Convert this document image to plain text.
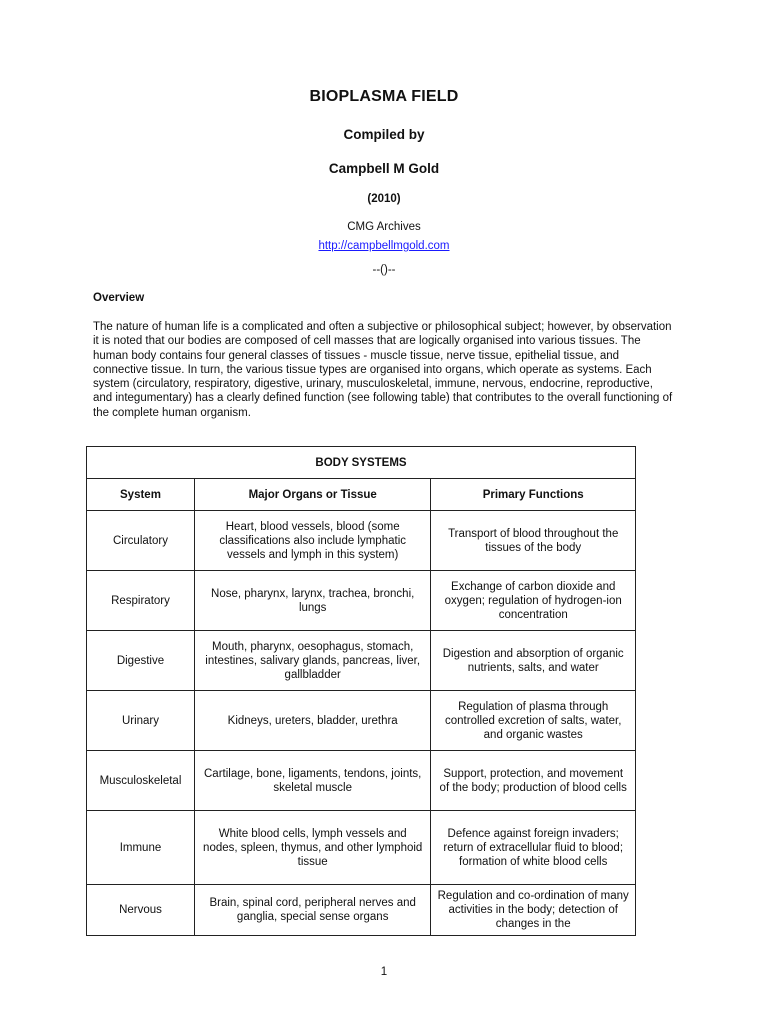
BIOPLASMA FIELD
Compiled by
Campbell M Gold
(2010)
CMG Archives
http://campbellmgold.com
--()--
Overview
The nature of human life is a complicated and often a subjective or philosophical subject; however, by observation it is noted that our bodies are composed of cell masses that are logically organised into various tissues. The human body contains four general classes of tissues - muscle tissue, nerve tissue, epithelial tissue, and connective tissue. In turn, the various tissue types are organised into organs, which operate as systems. Each system (circulatory, respiratory, digestive, urinary, musculoskeletal, immune, nervous, endocrine, reproductive, and integumentary) has a clearly defined function (see following table) that contributes to the overall functioning of the complete human organism.
BODY SYSTEMS		
System	Major Organs or Tissue	Primary Functions
Circulatory	Heart, blood vessels, blood (some classifications also include lymphatic vessels and lymph in this system)	Transport of blood throughout the tissues of the body
Respiratory	Nose, pharynx, larynx, trachea, bronchi, lungs	Exchange of carbon dioxide and oxygen; regulation of hydrogen-ion concentration
Digestive	Mouth, pharynx, oesophagus, stomach, intestines, salivary glands, pancreas, liver, gallbladder	Digestion and absorption of organic nutrients, salts, and water
Urinary	Kidneys, ureters, bladder, urethra	Regulation of plasma through controlled excretion of salts, water, and organic wastes
Musculoskeletal	Cartilage, bone, ligaments, tendons, joints, skeletal muscle	Support, protection, and movement of the body; production of blood cells
Immune	White blood cells, lymph vessels and nodes, spleen, thymus, and other lymphoid tissue	Defence against foreign invaders; return of extracellular fluid to blood; formation of white blood cells
Nervous	Brain, spinal cord, peripheral nerves and ganglia, special sense organs	Regulation and co-ordination of many activities in the body; detection of changes in the
1
